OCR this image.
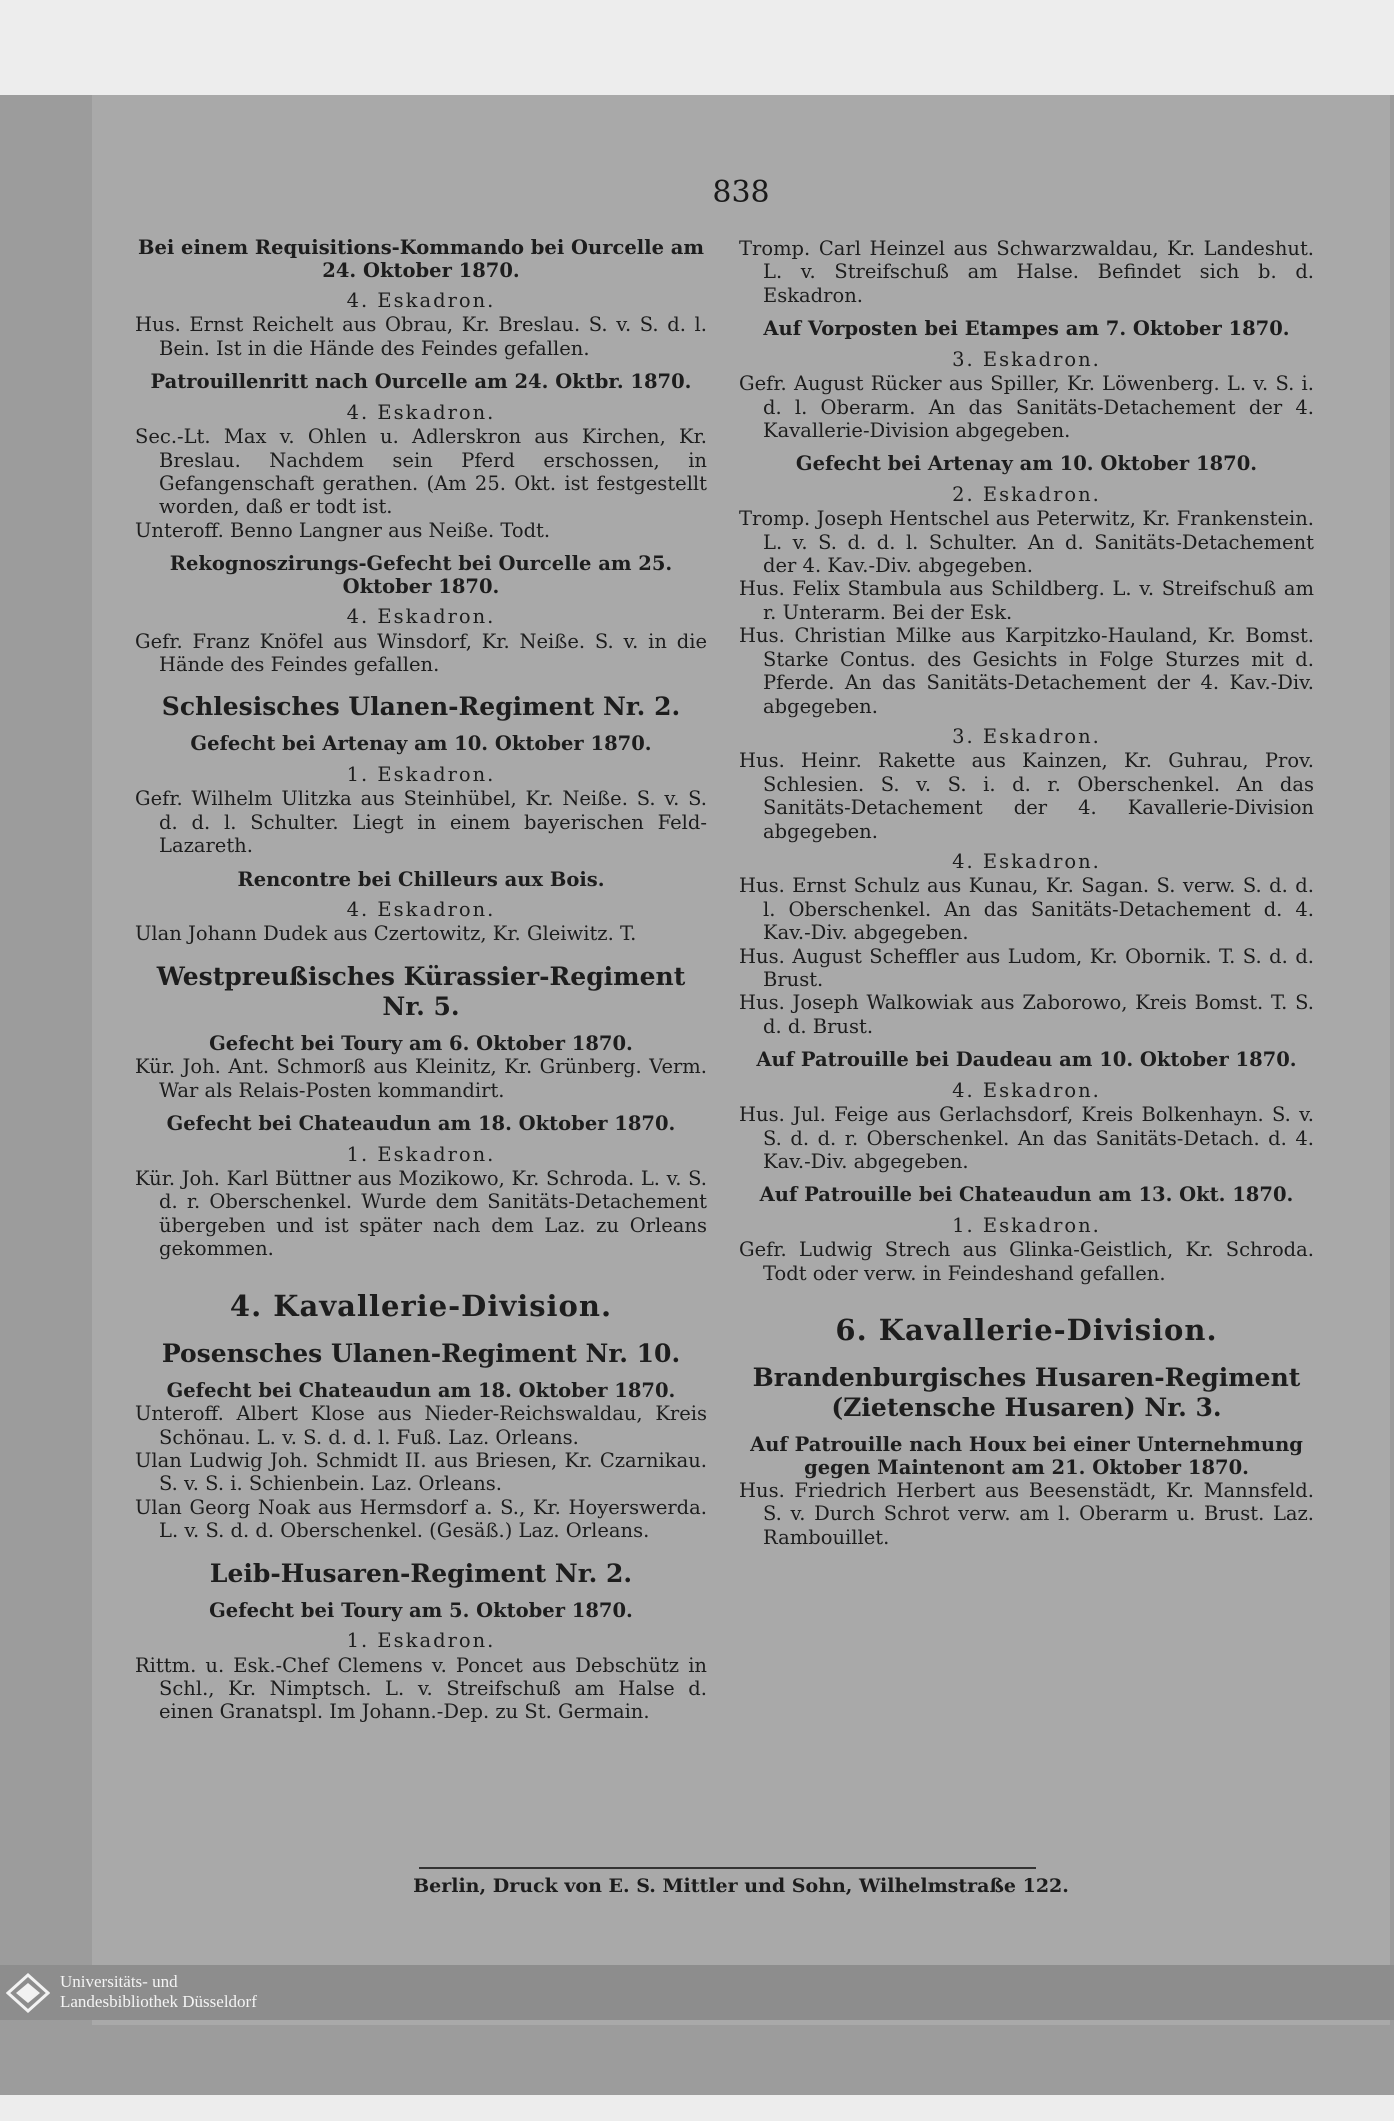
838
Bei einem Requisitions-Kommando bei Ourcelle am 24. Oktober 1870.
4. Eskadron.
Hus. Ernst Reichelt aus Obrau, Kr. Breslau. S. v. S. d. l. Bein. Ist in die Hände des Feindes gefallen.
Patrouillenritt nach Ourcelle am 24. Oktbr. 1870.
4. Eskadron.
Sec.-Lt. Max v. Ohlen u. Adlerskron aus Kirchen, Kr. Breslau. Nachdem sein Pferd erschossen, in Gefangenschaft gerathen. (Am 25. Okt. ist festgestellt worden, daß er todt ist.
Unteroff. Benno Langner aus Neiße. Todt.
Rekognoszirungs-Gefecht bei Ourcelle am 25. Oktober 1870.
4. Eskadron.
Gefr. Franz Knöfel aus Winsdorf, Kr. Neiße. S. v. in die Hände des Feindes gefallen.
Schlesisches Ulanen-Regiment Nr. 2.
Gefecht bei Artenay am 10. Oktober 1870.
1. Eskadron.
Gefr. Wilhelm Ulitzka aus Steinhübel, Kr. Neiße. S. v. S. d. d. l. Schulter. Liegt in einem bayerischen Feld-Lazareth.
Rencontre bei Chilleurs aux Bois.
4. Eskadron.
Ulan Johann Dudek aus Czertowitz, Kr. Gleiwitz. T.
Westpreußisches Kürassier-Regiment Nr. 5.
Gefecht bei Toury am 6. Oktober 1870.
Kür. Joh. Ant. Schmorß aus Kleinitz, Kr. Grünberg. Verm. War als Relais-Posten kommandirt.
Gefecht bei Chateaudun am 18. Oktober 1870.
1. Eskadron.
Kür. Joh. Karl Büttner aus Mozikowo, Kr. Schroda. L. v. S. d. r. Oberschenkel. Wurde dem Sanitäts-Detachement übergeben und ist später nach dem Laz. zu Orleans gekommen.
4. Kavallerie-Division.
Posensches Ulanen-Regiment Nr. 10.
Gefecht bei Chateaudun am 18. Oktober 1870.
Unteroff. Albert Klose aus Nieder-Reichswaldau, Kreis Schönau. L. v. S. d. d. l. Fuß. Laz. Orleans.
Ulan Ludwig Joh. Schmidt II. aus Briesen, Kr. Czarnikau. S. v. S. i. Schienbein. Laz. Orleans.
Ulan Georg Noak aus Hermsdorf a. S., Kr. Hoyerswerda. L. v. S. d. d. Oberschenkel. (Gesäß.) Laz. Orleans.
Leib-Husaren-Regiment Nr. 2.
Gefecht bei Toury am 5. Oktober 1870.
1. Eskadron.
Rittm. u. Esk.-Chef Clemens v. Poncet aus Debschütz in Schl., Kr. Nimptsch. L. v. Streifschuß am Halse d. einen Granatspl. Im Johann.-Dep. zu St. Germain.
Tromp. Carl Heinzel aus Schwarzwaldau, Kr. Landeshut. L. v. Streifschuß am Halse. Befindet sich b. d. Eskadron.
Auf Vorposten bei Etampes am 7. Oktober 1870.
3. Eskadron.
Gefr. August Rücker aus Spiller, Kr. Löwenberg. L. v. S. i. d. l. Oberarm. An das Sanitäts-Detachement der 4. Kavallerie-Division abgegeben.
Gefecht bei Artenay am 10. Oktober 1870.
2. Eskadron.
Tromp. Joseph Hentschel aus Peterwitz, Kr. Frankenstein. L. v. S. d. d. l. Schulter. An d. Sanitäts-Detachement der 4. Kav.-Div. abgegeben.
Hus. Felix Stambula aus Schildberg. L. v. Streifschuß am r. Unterarm. Bei der Esk.
Hus. Christian Milke aus Karpitzko-Hauland, Kr. Bomst. Starke Contus. des Gesichts in Folge Sturzes mit d. Pferde. An das Sanitäts-Detachement der 4. Kav.-Div. abgegeben.
3. Eskadron.
Hus. Heinr. Rakette aus Kainzen, Kr. Guhrau, Prov. Schlesien. S. v. S. i. d. r. Oberschenkel. An das Sanitäts-Detachement der 4. Kavallerie-Division abgegeben.
4. Eskadron.
Hus. Ernst Schulz aus Kunau, Kr. Sagan. S. verw. S. d. d. l. Oberschenkel. An das Sanitäts-Detachement d. 4. Kav.-Div. abgegeben.
Hus. August Scheffler aus Ludom, Kr. Obornik. T. S. d. d. Brust.
Hus. Joseph Walkowiak aus Zaborowo, Kreis Bomst. T. S. d. d. Brust.
Auf Patrouille bei Daudeau am 10. Oktober 1870.
4. Eskadron.
Hus. Jul. Feige aus Gerlachsdorf, Kreis Bolkenhayn. S. v. S. d. d. r. Oberschenkel. An das Sanitäts-Detach. d. 4. Kav.-Div. abgegeben.
Auf Patrouille bei Chateaudun am 13. Okt. 1870.
1. Eskadron.
Gefr. Ludwig Strech aus Glinka-Geistlich, Kr. Schroda. Todt oder verw. in Feindeshand gefallen.
6. Kavallerie-Division.
Brandenburgisches Husaren-Regiment (Zietensche Husaren) Nr. 3.
Auf Patrouille nach Houx bei einer Unternehmung gegen Maintenont am 21. Oktober 1870.
Hus. Friedrich Herbert aus Beesenstädt, Kr. Mannsfeld. S. v. Durch Schrot verw. am l. Oberarm u. Brust. Laz. Rambouillet.
Berlin, Druck von E. S. Mittler und Sohn, Wilhelmstraße 122.
Universitäts- und
Landesbibliothek Düsseldorf
